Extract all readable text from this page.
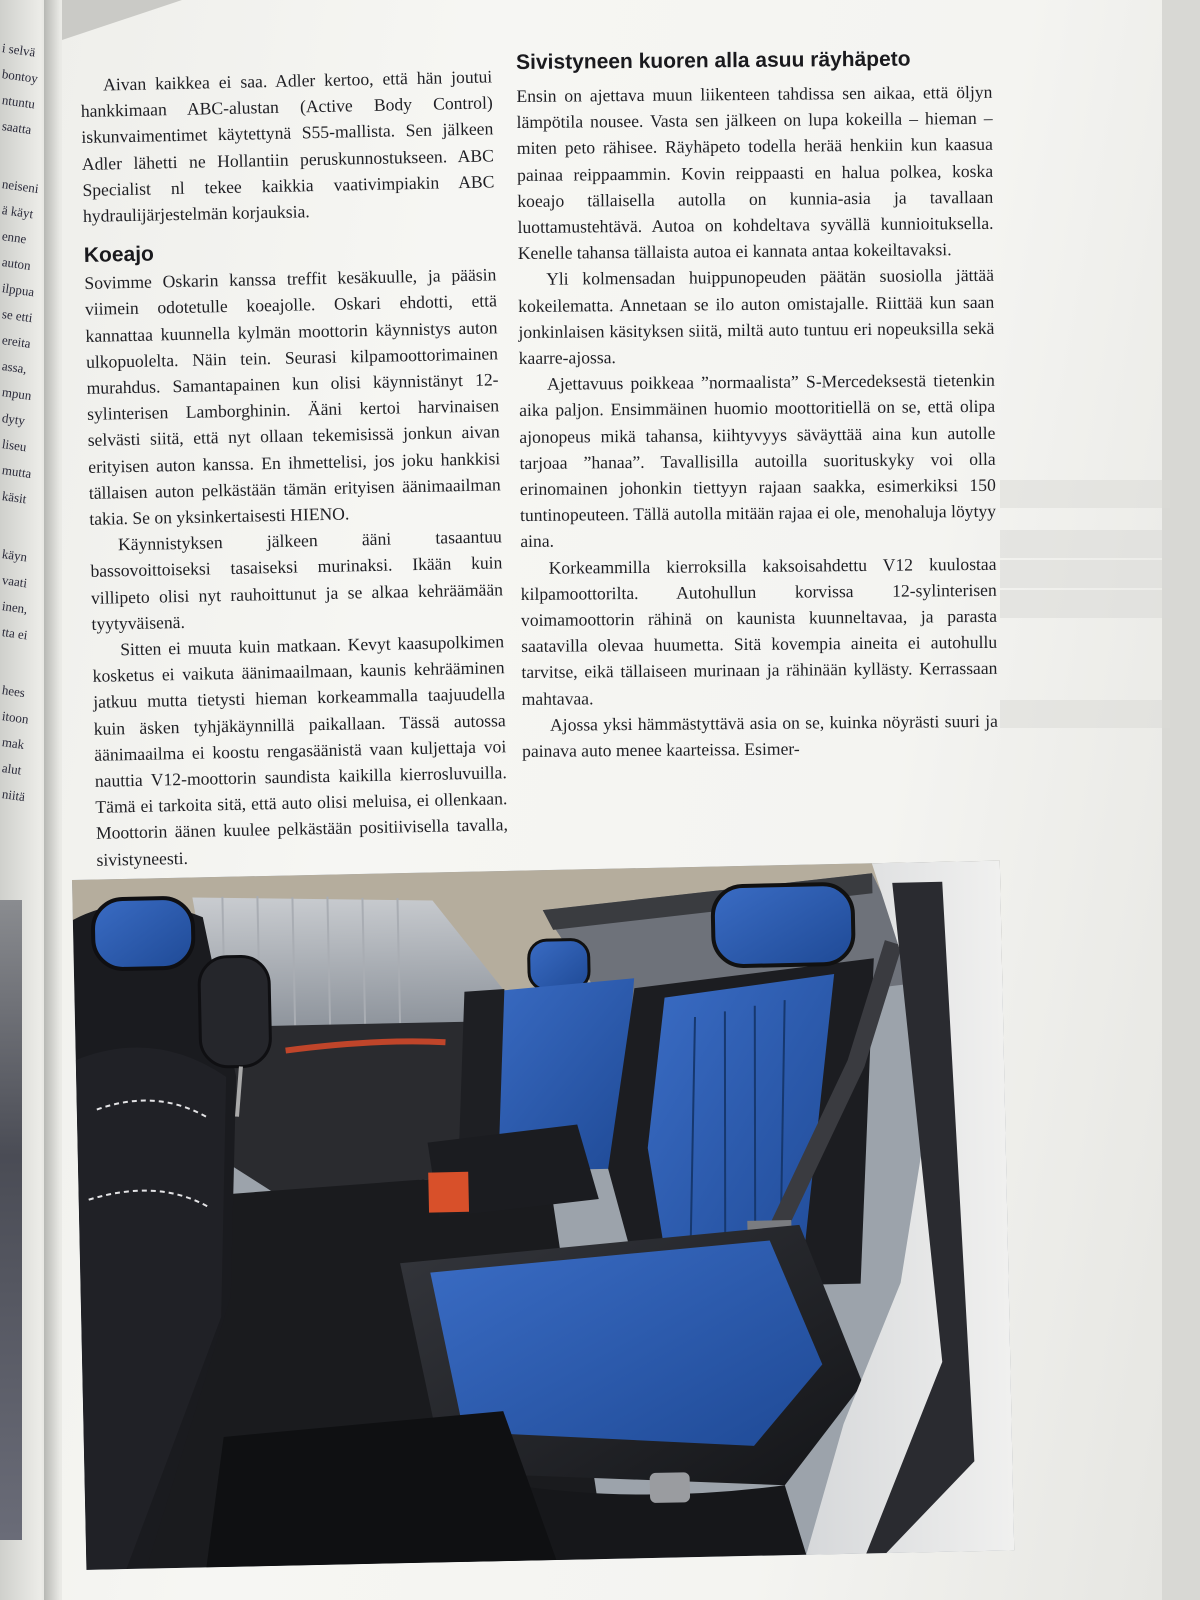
i selvä
bontoy
ntuntu
saatta
neiseni
ä käyt
enne
auton
ilppua
se etti
ereita
assa,
mpun
dyty
liseu
mutta
käsit
käyn
vaati
inen,
tta ei
hees
itoon
mak
alut
niitä

Aivan kaikkea ei saa. Adler kertoo, että hän joutui hankkimaan ABC-alustan (Active Body Control) iskunvaimentimet käytettynä S55-mallista. Sen jälkeen Adler lähetti ne Hollantiin peruskunnostukseen. ABC Specialist nl tekee kaikkia vaativimpiakin ABC hydraulijärjestelmän korjauksia.

Koeajo

Sovimme Oskarin kanssa treffit kesäkuulle, ja pääsin viimein odotetulle koeajolle. Oskari ehdotti, että kannattaa kuunnella kylmän moottorin käynnistys auton ulkopuolelta. Näin tein. Seurasi kilpamoottorimainen murahdus. Samantapainen kun olisi käynnistänyt 12-sylinterisen Lamborghinin. Ääni kertoi harvinaisen selvästi siitä, että nyt ollaan tekemisissä jonkun aivan erityisen auton kanssa. En ihmettelisi, jos joku hankkisi tällaisen auton pelkästään tämän erityisen äänimaailman takia. Se on yksinkertaisesti HIENO.

Käynnistyksen jälkeen ääni tasaantuu bassovoittoiseksi tasaiseksi murinaksi. Ikään kuin villipeto olisi nyt rauhoittunut ja se alkaa kehräämään tyytyväisenä.

Sitten ei muuta kuin matkaan. Kevyt kaasupolkimen kosketus ei vaikuta äänimaailmaan, kaunis kehrääminen jatkuu mutta tietysti hieman korkeammalla taajuudella kuin äsken tyhjäkäynnillä paikallaan. Tässä autossa äänimaailma ei koostu rengasäänistä vaan kuljettaja voi nauttia V12-moottorin saundista kaikilla kierrosluvuilla. Tämä ei tarkoita sitä, että auto olisi meluisa, ei ollenkaan. Moottorin äänen kuulee pelkästään positiivisella tavalla, sivistyneesti.

Sivistyneen kuoren alla asuu räyhäpeto

Ensin on ajettava muun liikenteen tahdissa sen aikaa, että öljyn lämpötila nousee. Vasta sen jälkeen on lupa kokeilla – hieman – miten peto rähisee. Räyhäpeto todella herää henkiin kun kaasua painaa reippaammin. Kovin reippaasti en halua polkea, koska koeajo tällaisella autolla on kunnia-asia ja tavallaan luottamustehtävä. Autoa on kohdeltava syvällä kunnioituksella. Kenelle tahansa tällaista autoa ei kannata antaa kokeiltavaksi.

Yli kolmensadan huippunopeuden päätän suosiolla jättää kokeilematta. Annetaan se ilo auton omistajalle. Riittää kun saan jonkinlaisen käsityksen siitä, miltä auto tuntuu eri nopeuksilla sekä kaarre-ajossa.

Ajettavuus poikkeaa ”normaalista” S-Mercedeksestä tietenkin aika paljon. Ensimmäinen huomio moottoritiellä on se, että olipa ajonopeus mikä tahansa, kiihtyvyys säväyttää aina kun autolle tarjoaa ”hanaa”. Tavallisilla autoilla suorituskyky voi olla erinomainen johonkin tiettyyn rajaan saakka, esimerkiksi 150 tuntinopeuteen. Tällä autolla mitään rajaa ei ole, menohaluja löytyy aina.

Korkeammilla kierroksilla kaksoisahdettu V12 kuulostaa kilpamoottorilta. Autohullun korvissa 12-sylinterisen voimamoottorin rähinä on kaunista kuunneltavaa, ja parasta saatavilla olevaa huumetta. Sitä kovempia aineita ei autohullu tarvitse, eikä tällaiseen murinaan ja rähinään kyllästy. Kerrassaan mahtavaa.

Ajossa yksi hämmästyttävä asia on se, kuinka nöyrästi suuri ja painava auto menee kaarteissa. Esimer-
